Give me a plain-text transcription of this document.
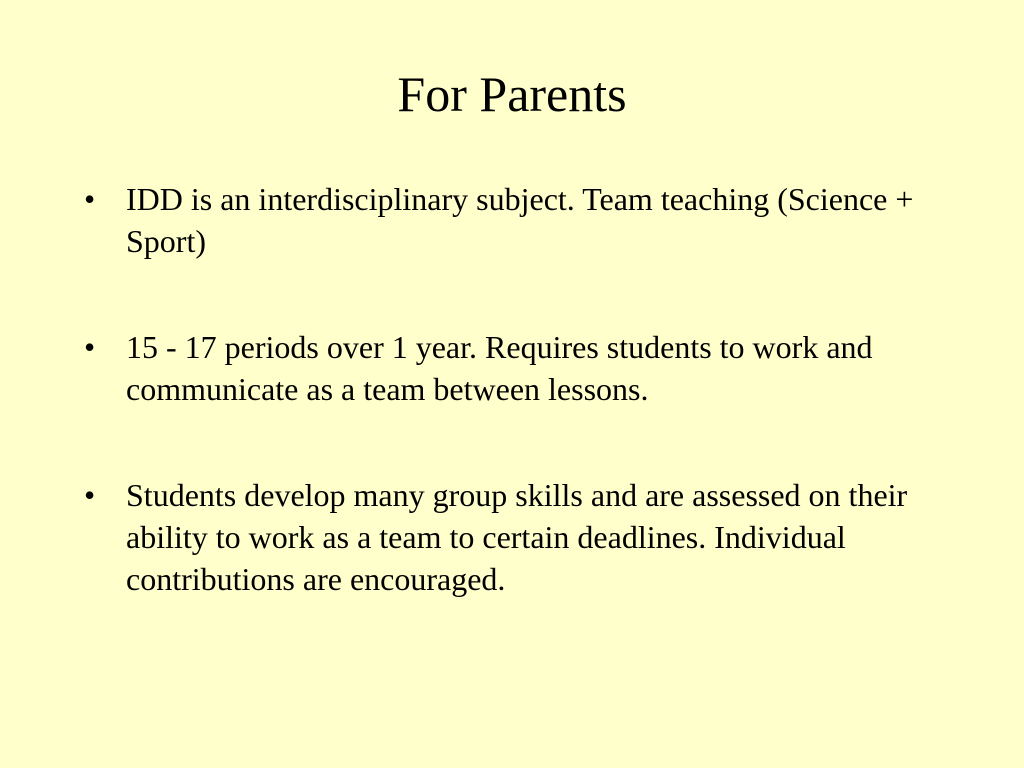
For Parents
• IDD is an interdisciplinary subject. Team teaching (Science + Sport)
• 15 - 17 periods over 1 year. Requires students to work and communicate as a team between lessons.
• Students develop many group skills and are assessed on their ability to work as a team to certain deadlines. Individual contributions are encouraged.
